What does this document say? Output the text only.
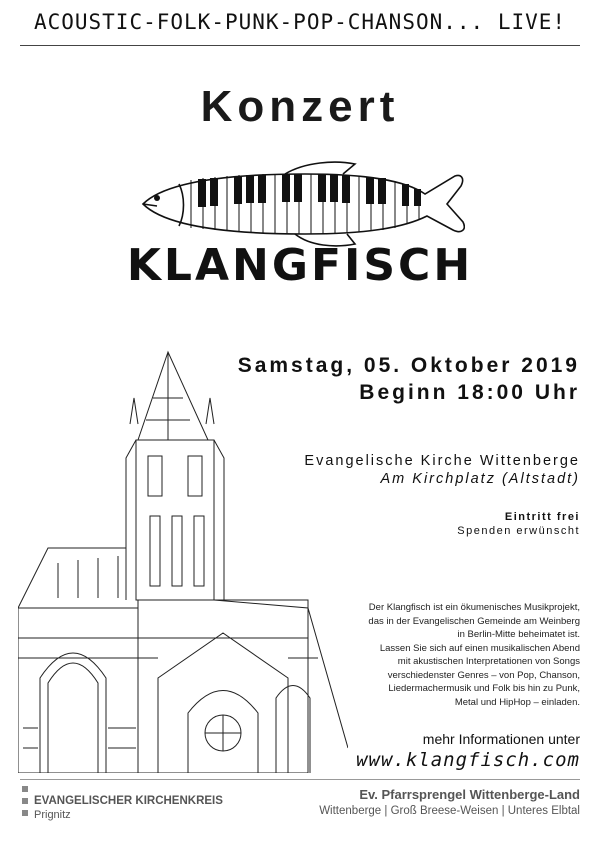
ACOUSTIC-FOLK-PUNK-POP-CHANSON... LIVE!
Konzert
KLANGFISCH
Samstag, 05. Oktober 2019
Beginn 18:00 Uhr
Evangelische Kirche Wittenberge
Am Kirchplatz (Altstadt)
Eintritt frei
Spenden erwünscht
Der Klangfisch ist ein ökumenisches Musikprojekt,
das in der Evangelischen Gemeinde am Weinberg
in Berlin-Mitte beheimatet ist.
Lassen Sie sich auf einen musikalischen Abend
mit akustischen Interpretationen von Songs
verschiedenster Genres – von Pop, Chanson,
Liedermachermusik und Folk bis hin zu Punk,
Metal und HipHop – einladen.
mehr Informationen unter
www.klangfisch.com
EVANGELISCHER KIRCHENKREIS
Prignitz
Ev. Pfarrsprengel Wittenberge-Land
Wittenberge | Groß Breese-Weisen | Unteres Elbtal
